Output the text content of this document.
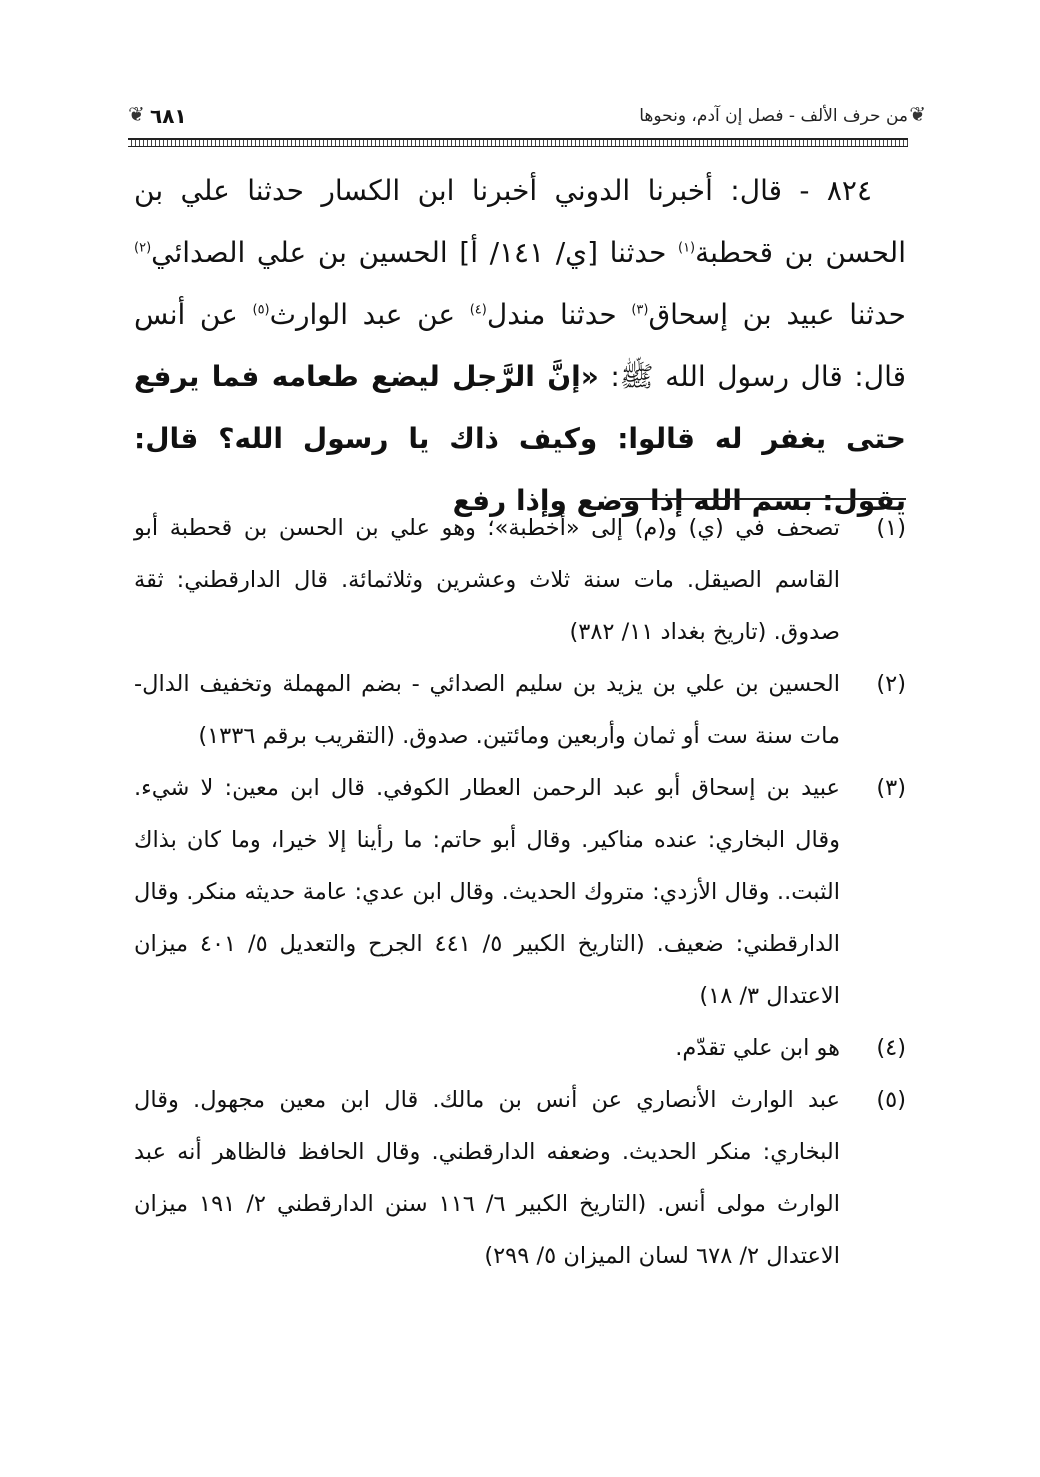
❦
من حرف الألف - فصل إن آدم، ونحوها
٦٨١
❦

٨٢٤ - قال: أخبرنا الدوني أخبرنا ابن الكسار حدثنا علي بن الحسن بن قحطبة$^{(١)}$ حدثنا [ي/ ١٤١/ أ] الحسين بن علي الصدائي$^{(٢)}$ حدثنا عبيد بن إسحاق$^{(٣)}$ حدثنا مندل$^{(٤)}$ عن عبد الوارث$^{(٥)}$ عن أنس قال: قال رسول الله ﷺ: «إنَّ الرَّجل ليضع طعامه فما يرفع حتى يغفر له قالوا: وكيف ذاك يا رسول الله؟ قال: يقول: بسم الله إذا وضع وإذا رفع

(١)
تصحف في (ي) و(م) إلى «أخطبة»؛ وهو علي بن الحسن بن قحطبة أبو القاسم الصيقل. مات سنة ثلاث وعشرين وثلاثمائة. قال الدارقطني: ثقة صدوق. (تاريخ بغداد ١١/ ٣٨٢)
(٢)
الحسين بن علي بن يزيد بن سليم الصدائي - بضم المهملة وتخفيف الدال- مات سنة ست أو ثمان وأربعين ومائتين. صدوق. (التقريب برقم ١٣٣٦)
(٣)
عبيد بن إسحاق أبو عبد الرحمن العطار الكوفي. قال ابن معين: لا شيء. وقال البخاري: عنده مناكير. وقال أبو حاتم: ما رأينا إلا خيرا، وما كان بذاك الثبت.. وقال الأزدي: متروك الحديث. وقال ابن عدي: عامة حديثه منكر. وقال الدارقطني: ضعيف. (التاريخ الكبير ٥/ ٤٤١ الجرح والتعديل ٥/ ٤٠١ ميزان الاعتدال ٣/ ١٨)
(٤)
هو ابن علي تقدّم.
(٥)
عبد الوارث الأنصاري عن أنس بن مالك. قال ابن معين مجهول. وقال البخاري: منكر الحديث. وضعفه الدارقطني. وقال الحافظ فالظاهر أنه عبد الوارث مولى أنس. (التاريخ الكبير ٦/ ١١٦ سنن الدارقطني ٢/ ١٩١ ميزان الاعتدال ٢/ ٦٧٨ لسان الميزان ٥/ ٢٩٩)
